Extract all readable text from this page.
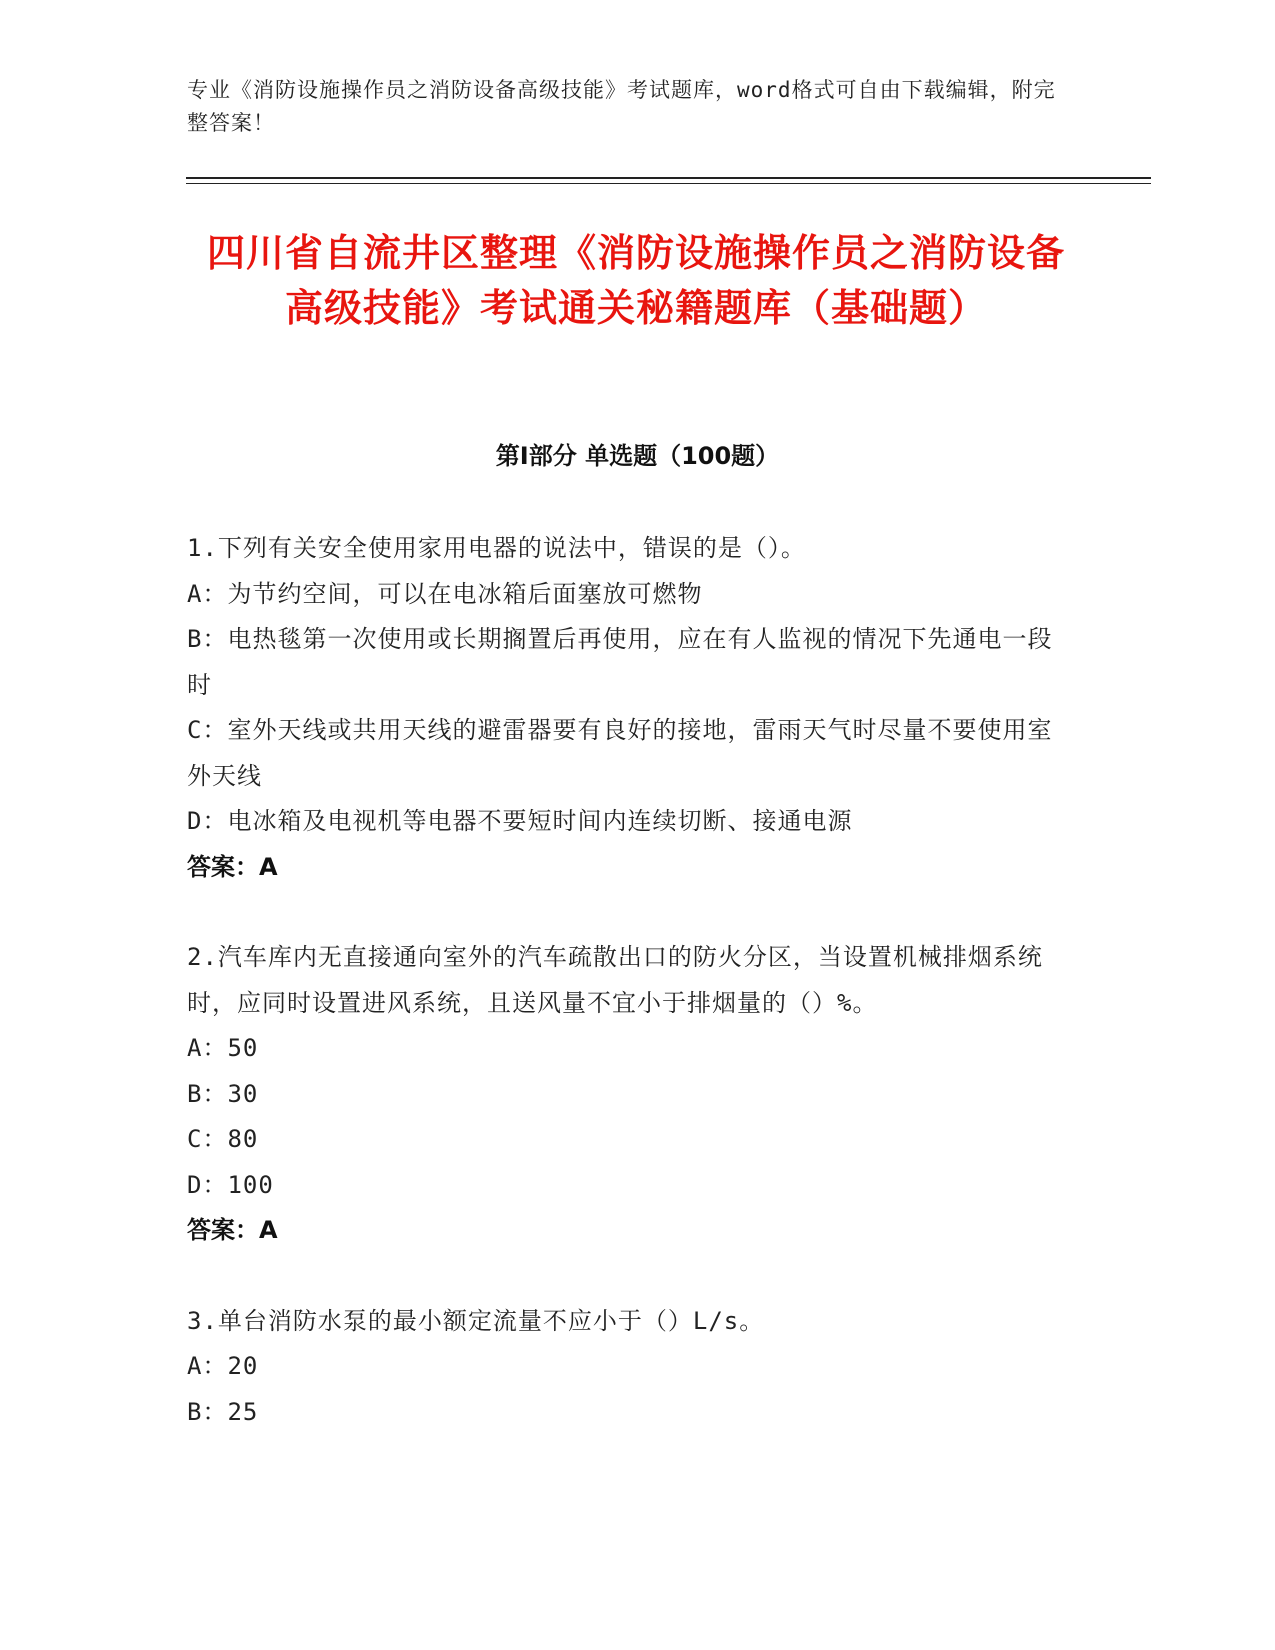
专业《消防设施操作员之消防设备高级技能》考试题库，word格式可自由下载编辑，附完整答案！
四川省自流井区整理《消防设施操作员之消防设备高级技能》考试通关秘籍题库（基础题）
第I部分 单选题（100题）
1.下列有关安全使用家用电器的说法中，错误的是（）。
A：为节约空间，可以在电冰箱后面塞放可燃物
B：电热毯第一次使用或长期搁置后再使用，应在有人监视的情况下先通电一段时
C：室外天线或共用天线的避雷器要有良好的接地，雷雨天气时尽量不要使用室外天线
D：电冰箱及电视机等电器不要短时间内连续切断、接通电源
答案：A
2.汽车库内无直接通向室外的汽车疏散出口的防火分区，当设置机械排烟系统时，应同时设置进风系统，且送风量不宜小于排烟量的（）%。
A：50
B：30
C：80
D：100
答案：A
3.单台消防水泵的最小额定流量不应小于（）L/s。
A：20
B：25
